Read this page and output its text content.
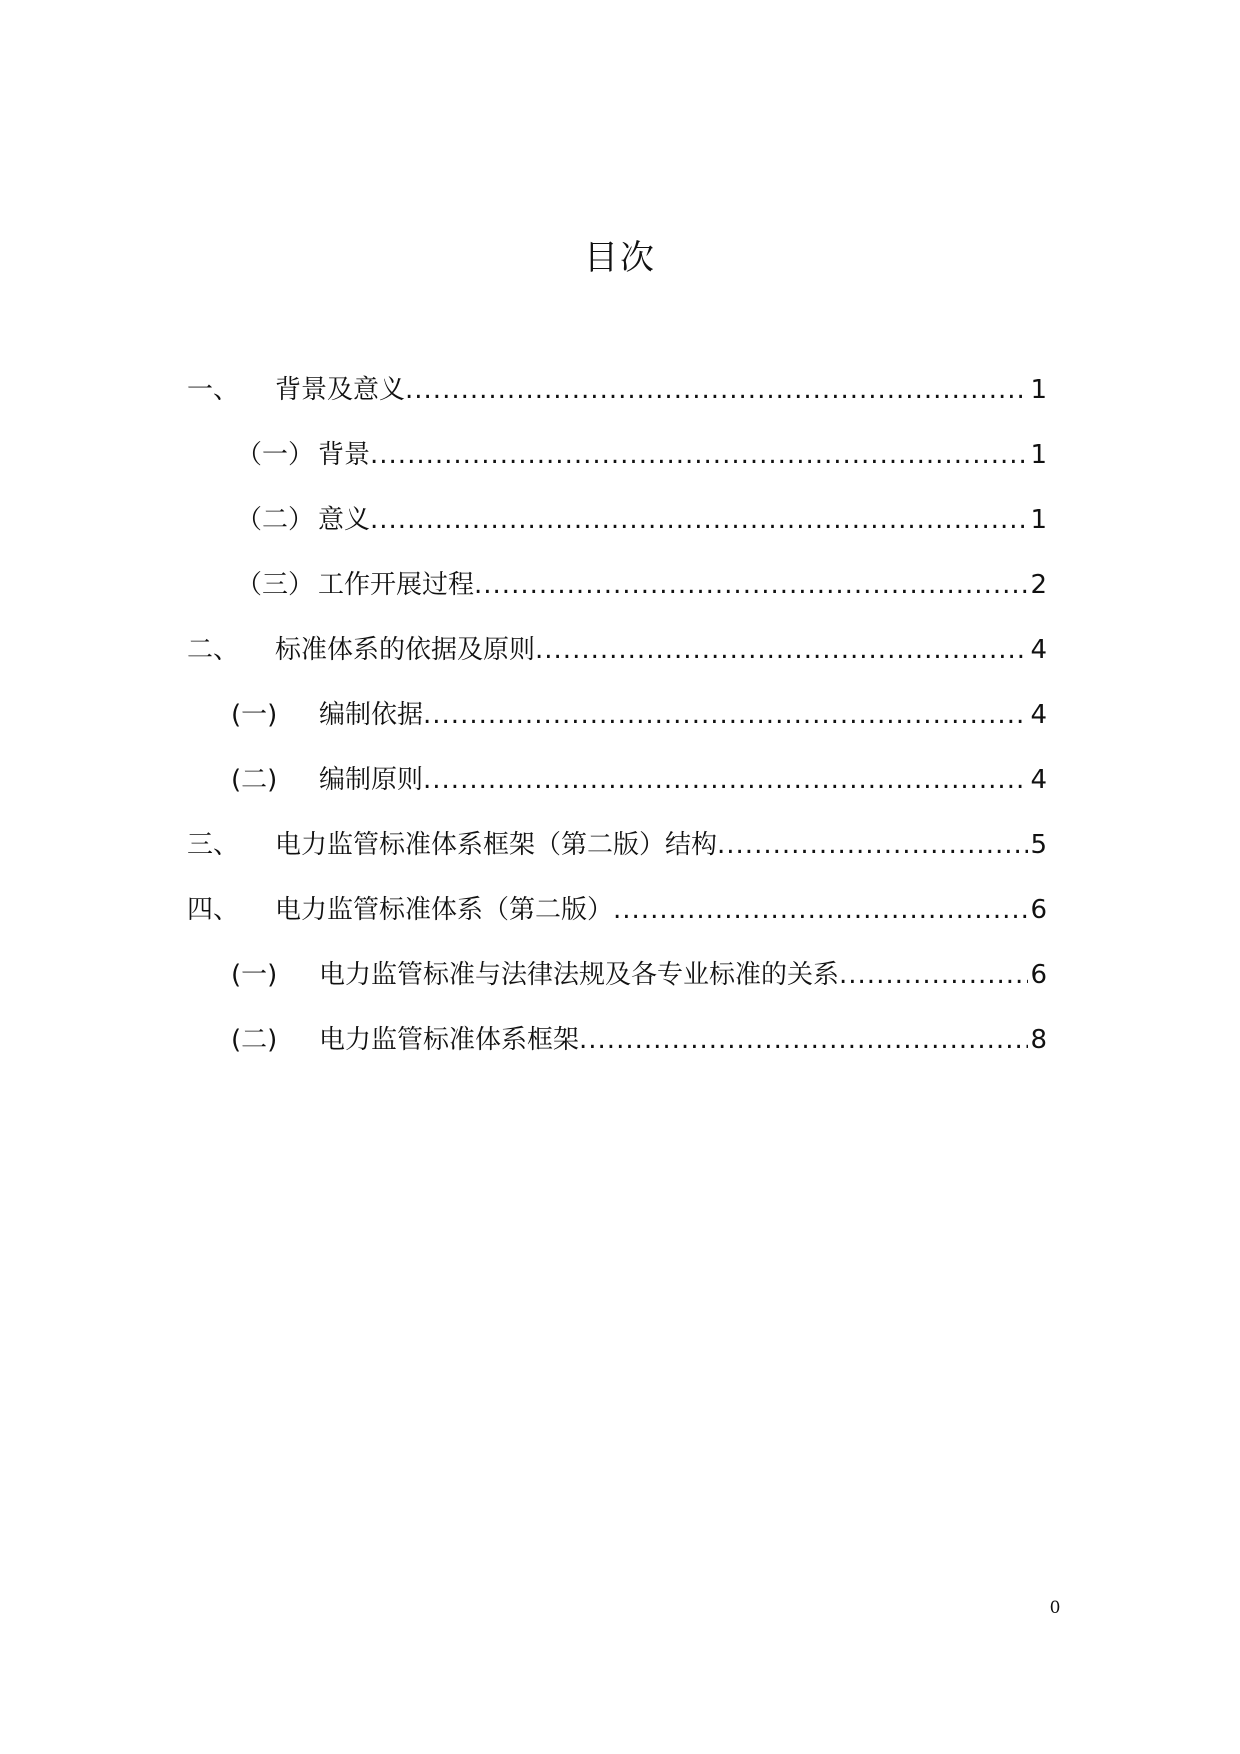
目次
一、	背景及意义 .....	1
（一） 背景 .....	1
（二） 意义 .....	1
（三） 工作开展过程 .....	2
二、	标准体系的依据及原则 .....	4
(一)	编制依据 .....	4
(二)	编制原则 .....	4
三、	电力监管标准体系框架（第二版）结构 .....	5
四、	电力监管标准体系（第二版） .....	6
(一)	电力监管标准与法律法规及各专业标准的关系 .....	6
(二)	电力监管标准体系框架 .....	8
0
